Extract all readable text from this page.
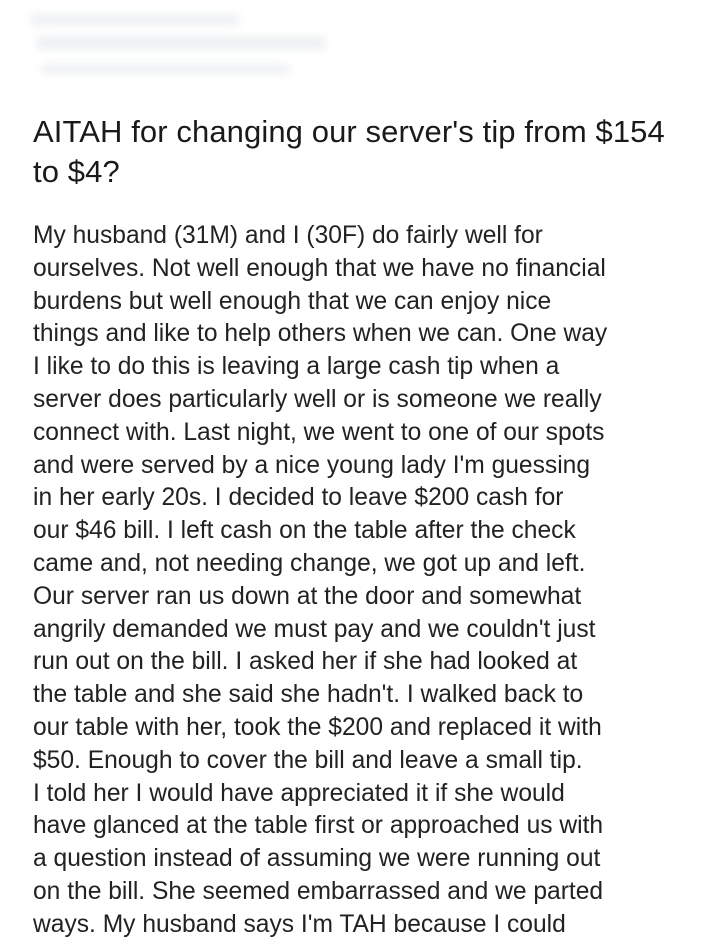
AITAH for changing our server's tip from $154 to $4?
My husband (31M) and I (30F) do fairly well for
ourselves. Not well enough that we have no financial
burdens but well enough that we can enjoy nice
things and like to help others when we can. One way
I like to do this is leaving a large cash tip when a
server does particularly well or is someone we really
connect with. Last night, we went to one of our spots
and were served by a nice young lady I'm guessing
in her early 20s. I decided to leave $200 cash for
our $46 bill. I left cash on the table after the check
came and, not needing change, we got up and left.
Our server ran us down at the door and somewhat
angrily demanded we must pay and we couldn't just
run out on the bill. I asked her if she had looked at
the table and she said she hadn't. I walked back to
our table with her, took the $200 and replaced it with
$50. Enough to cover the bill and leave a small tip.
I told her I would have appreciated it if she would
have glanced at the table first or approached us with
a question instead of assuming we were running out
on the bill. She seemed embarrassed and we parted
ways. My husband says I'm TAH because I could
